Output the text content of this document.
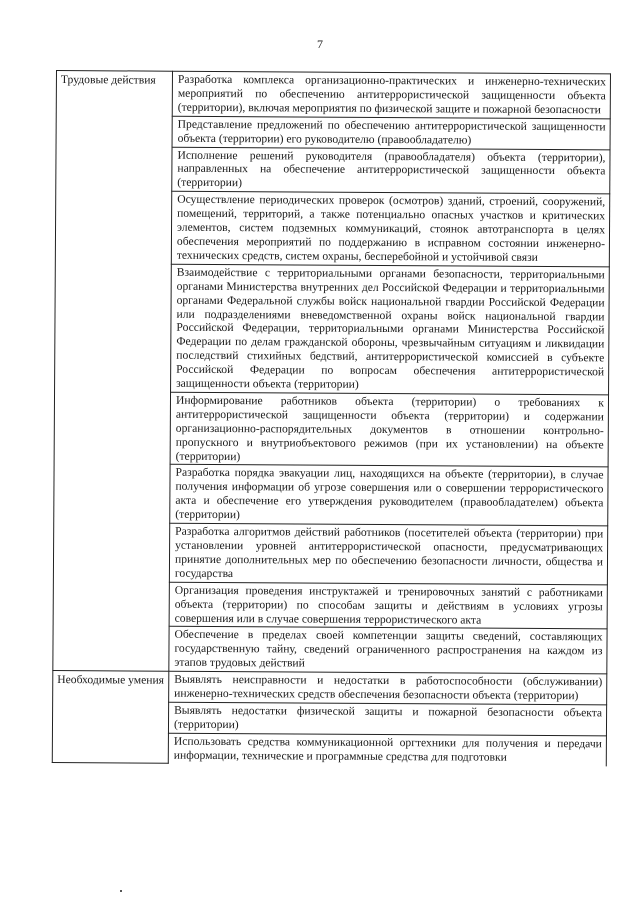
7
Трудовые действия	Разработка комплекса организационно-практических и инженерно-технических мероприятий по обеспечению антитеррористической защищенности объекта (территории), включая мероприятия по физической защите и пожарной безопасности
	Представление предложений по обеспечению антитеррористической защищенности объекта (территории) его руководителю (правообладателю)
	Исполнение решений руководителя (правообладателя) объекта (территории), направленных на обеспечение антитеррористической защищенности объекта (территории)
	Осуществление периодических проверок (осмотров) зданий, строений, сооружений, помещений, территорий, а также потенциально опасных участков и критических элементов, систем подземных коммуникаций, стоянок автотранспорта в целях обеспечения мероприятий по поддержанию в исправном состоянии инженерно-технических средств, систем охраны, бесперебойной и устойчивой связи
	Взаимодействие с территориальными органами безопасности, территориальными органами Министерства внутренних дел Российской Федерации и территориальными органами Федеральной службы войск национальной гвардии Российской Федерации или подразделениями вневедомственной охраны войск национальной гвардии Российской Федерации, территориальными органами Министерства Российской Федерации по делам гражданской обороны, чрезвычайным ситуациям и ликвидации последствий стихийных бедствий, антитеррористической комиссией в субъекте Российской Федерации по вопросам обеспечения антитеррористической защищенности объекта (территории)
	Информирование работников объекта (территории) о требованиях к антитеррористической защищенности объекта (территории) и содержании организационно-распорядительных документов в отношении контрольно-пропускного и внутриобъектового режимов (при их установлении) на объекте (территории)
	Разработка порядка эвакуации лиц, находящихся на объекте (территории), в случае получения информации об угрозе совершения или о совершении террористического акта и обеспечение его утверждения руководителем (правообладателем) объекта (территории)
	Разработка алгоритмов действий работников (посетителей объекта (территории) при установлении уровней антитеррористической опасности, предусматривающих принятие дополнительных мер по обеспечению безопасности личности, общества и государства
	Организация проведения инструктажей и тренировочных занятий с работниками объекта (территории) по способам защиты и действиям в условиях угрозы совершения или в случае совершения террористического акта
	Обеспечение в пределах своей компетенции защиты сведений, составляющих государственную тайну, сведений ограниченного распространения на каждом из этапов трудовых действий
Необходимые умения	Выявлять неисправности и недостатки в работоспособности (обслуживании) инженерно-технических средств обеспечения безопасности объекта (территории)
	Выявлять недостатки физической защиты и пожарной безопасности объекта (территории)
	Использовать средства коммуникационной оргтехники для получения и передачи информации, технические и программные средства для подготовки
